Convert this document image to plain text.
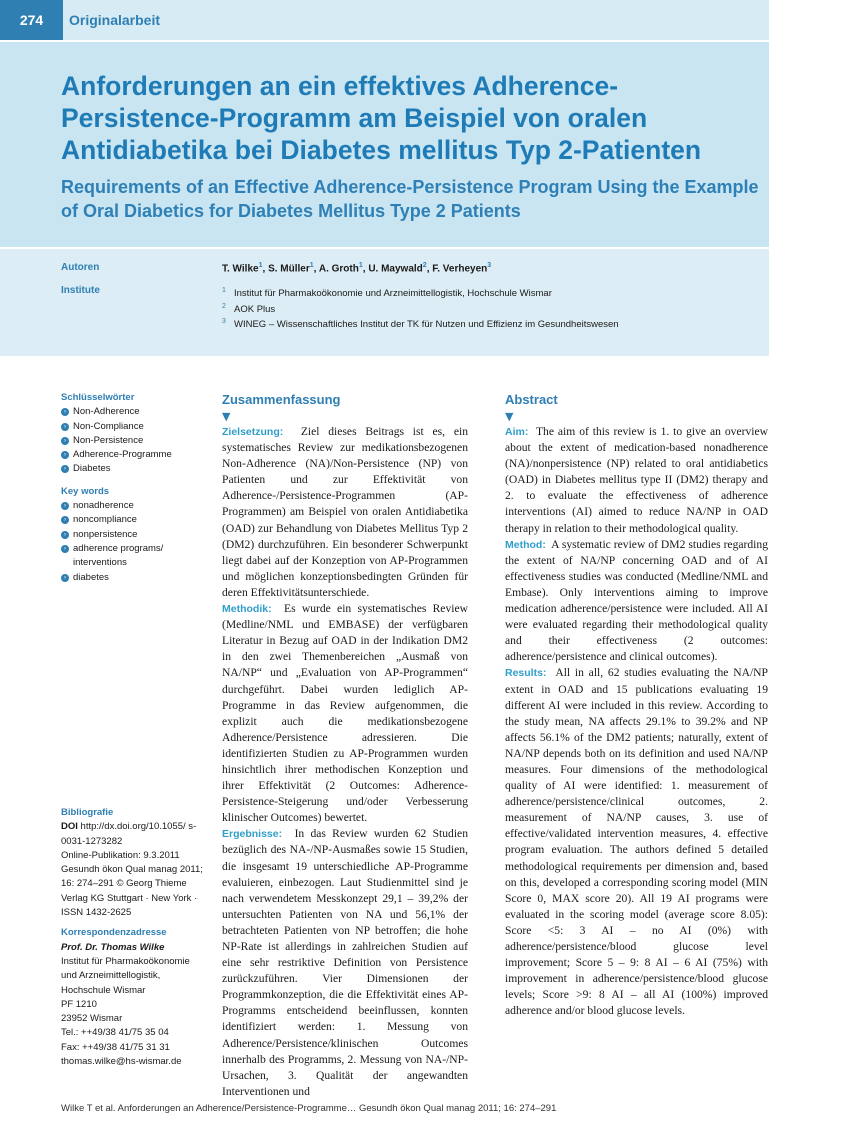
274	Originalarbeit
Anforderungen an ein effektives Adherence-Persistence-Programm am Beispiel von oralen Antidiabetika bei Diabetes mellitus Typ 2-Patienten
Requirements of an Effective Adherence-Persistence Program Using the Example of Oral Diabetics for Diabetes Mellitus Type 2 Patients
Autoren
Institute
T. Wilke$^1$, S. Müller$^1$, A. Groth$^1$, U. Maywald$^2$, F. Verheyen$^3$
$^1$ Institut für Pharmakoökonomie und Arzneimittellogistik, Hochschule Wismar
$^2$ AOK Plus
$^3$ WINEG – Wissenschaftliches Institut der TK für Nutzen und Effizienz im Gesundheitswesen
Schlüsselwörter
› Non-Adherence
› Non-Compliance
› Non-Persistence
› Adherence-Programme
› Diabetes
Key words
› nonadherence
› noncompliance
› nonpersistence
› adherence programs/ interventions
› diabetes
Bibliografie

DOI http://dx.doi.org/10.1055/ s-0031-1273282

Online-Publikation: 9.3.2011

Gesundh ökon Qual manag 2011; 16: 274–291 © Georg Thieme Verlag KG Stuttgart · New York · ISSN 1432-2625

Korrespondenzadresse

Prof. Dr. Thomas Wilke

Institut für Pharmakoökonomie

und Arzneimittellogistik,

Hochschule Wismar

PF 1210

23952 Wismar

Tel.: ++49/38 41/75 35 04

Fax: ++49/38 41/75 31 31

thomas.wilke@hs-wismar.de

Zusammenfassung
▼

Zielsetzung: Ziel dieses Beitrags ist es, ein systematisches Review zur medikationsbezogenen Non-Adherence (NA)/Non-Persistence (NP) von Patienten und zur Effektivität von Adherence-/Persistence-Programmen (AP-Programmen) am Beispiel von oralen Antidiabetika (OAD) zur Behandlung von Diabetes Mellitus Typ 2 (DM2) durchzuführen. Ein besonderer Schwerpunkt liegt dabei auf der Konzeption von AP-Programmen und möglichen konzeptionsbedingten Gründen für deren Effektivitätsunterschiede.

Methodik: Es wurde ein systematisches Review (Medline/NML und EMBASE) der verfügbaren Literatur in Bezug auf OAD in der Indikation DM2 in den zwei Themenbereichen „Ausmaß von NA/NP“ und „Evaluation von AP-Programmen“ durchgeführt. Dabei wurden lediglich AP-Programme in das Review aufgenommen, die explizit auch die medikationsbezogene Adherence/Persistence adressieren. Die identifizierten Studien zu AP-Programmen wurden hinsichtlich ihrer methodischen Konzeption und ihrer Effektivität (2 Outcomes: Adherence-Persistence-Steigerung und/oder Verbesserung klinischer Outcomes) bewertet.

Ergebnisse: In das Review wurden 62 Studien bezüglich des NA-/NP-Ausmaßes sowie 15 Studien, die insgesamt 19 unterschiedliche AP-Programme evaluieren, einbezogen. Laut Studienmittel sind je nach verwendetem Messkonzept 29,1 – 39,2% der untersuchten Patienten von NA und 56,1% der betrachteten Patienten von NP betroffen; die hohe NP-Rate ist allerdings in zahlreichen Studien auf eine sehr restriktive Definition von Persistence zurückzuführen. Vier Dimensionen der Programmkonzeption, die die Effektivität eines AP-Programms entscheidend beeinflussen, konnten identifiziert werden: 1. Messung von Adherence/Persistence/klinischen Outcomes innerhalb des Programms, 2. Messung von NA-/NP-Ursachen, 3. Qualität der angewandten Interventionen und

Abstract
▼

Aim: The aim of this review is 1. to give an overview about the extent of medication-based nonadherence (NA)/nonpersistence (NP) related to oral antidiabetics (OAD) in Diabetes mellitus type II (DM2) therapy and 2. to evaluate the effectiveness of adherence interventions (AI) aimed to reduce NA/NP in OAD therapy in relation to their methodological quality.

Method: A systematic review of DM2 studies regarding the extent of NA/NP concerning OAD and of AI effectiveness studies was conducted (Medline/NML and Embase). Only interventions aiming to improve medication adherence/persistence were included. All AI were evaluated regarding their methodological quality and their effectiveness (2 outcomes: adherence/persistence and clinical outcomes).

Results: All in all, 62 studies evaluating the NA/NP extent in OAD and 15 publications evaluating 19 different AI were included in this review. According to the study mean, NA affects 29.1% to 39.2% and NP affects 56.1% of the DM2 patients; naturally, extent of NA/NP depends both on its definition and used NA/NP measures. Four dimensions of the methodological quality of AI were identified: 1. measurement of adherence/persistence/clinical outcomes, 2. measurement of NA/NP causes, 3. use of effective/validated intervention measures, 4. effective program evaluation. The authors defined 5 detailed methodological requirements per dimension and, based on this, developed a corresponding scoring model (MIN Score 0, MAX score 20). All 19 AI programs were evaluated in the scoring model (average score 8.05): Score <5: 3 AI – no AI (0%) with adherence/persistence/blood glucose level improvement; Score 5 – 9: 8 AI – 6 AI (75%) with improvement in adherence/persistence/blood glucose levels; Score >9: 8 AI – all AI (100%) improved adherence and/or blood glucose levels.

Wilke T et al. Anforderungen an Adherence/Persistence-Programme… Gesundh ökon Qual manag 2011; 16: 274–291
